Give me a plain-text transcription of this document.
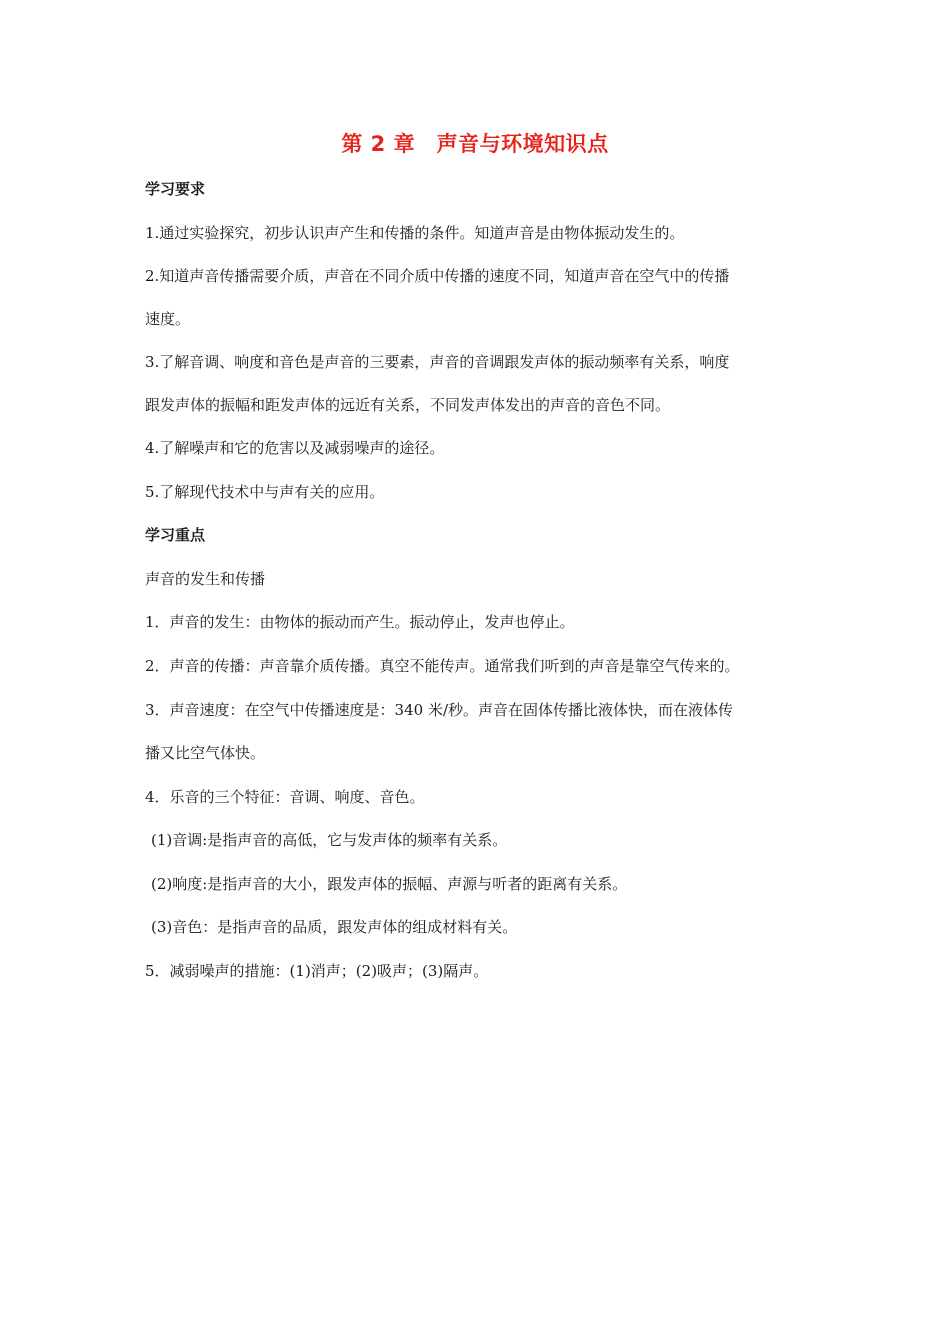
第 2 章　声音与环境知识点
学习要求
1.通过实验探究，初步认识声产生和传播的条件。知道声音是由物体振动发生的。
2.知道声音传播需要介质，声音在不同介质中传播的速度不同，知道声音在空气中的传播
速度。
3.了解音调、响度和音色是声音的三要素，声音的音调跟发声体的振动频率有关系，响度
跟发声体的振幅和距发声体的远近有关系，不同发声体发出的声音的音色不同。
4.了解噪声和它的危害以及减弱噪声的途径。
5.了解现代技术中与声有关的应用。
学习重点
声音的发生和传播
1．声音的发生：由物体的振动而产生。振动停止，发声也停止。
2．声音的传播：声音靠介质传播。真空不能传声。通常我们听到的声音是靠空气传来的。
3．声音速度：在空气中传播速度是：340 米/秒。声音在固体传播比液体快，而在液体传
播又比空气体快。
4．乐音的三个特征：音调、响度、音色。
(1)音调:是指声音的高低，它与发声体的频率有关系。
(2)响度:是指声音的大小，跟发声体的振幅、声源与听者的距离有关系。
(3)音色：是指声音的品质，跟发声体的组成材料有关。
5．减弱噪声的措施：(1)消声；(2)吸声；(3)隔声。
